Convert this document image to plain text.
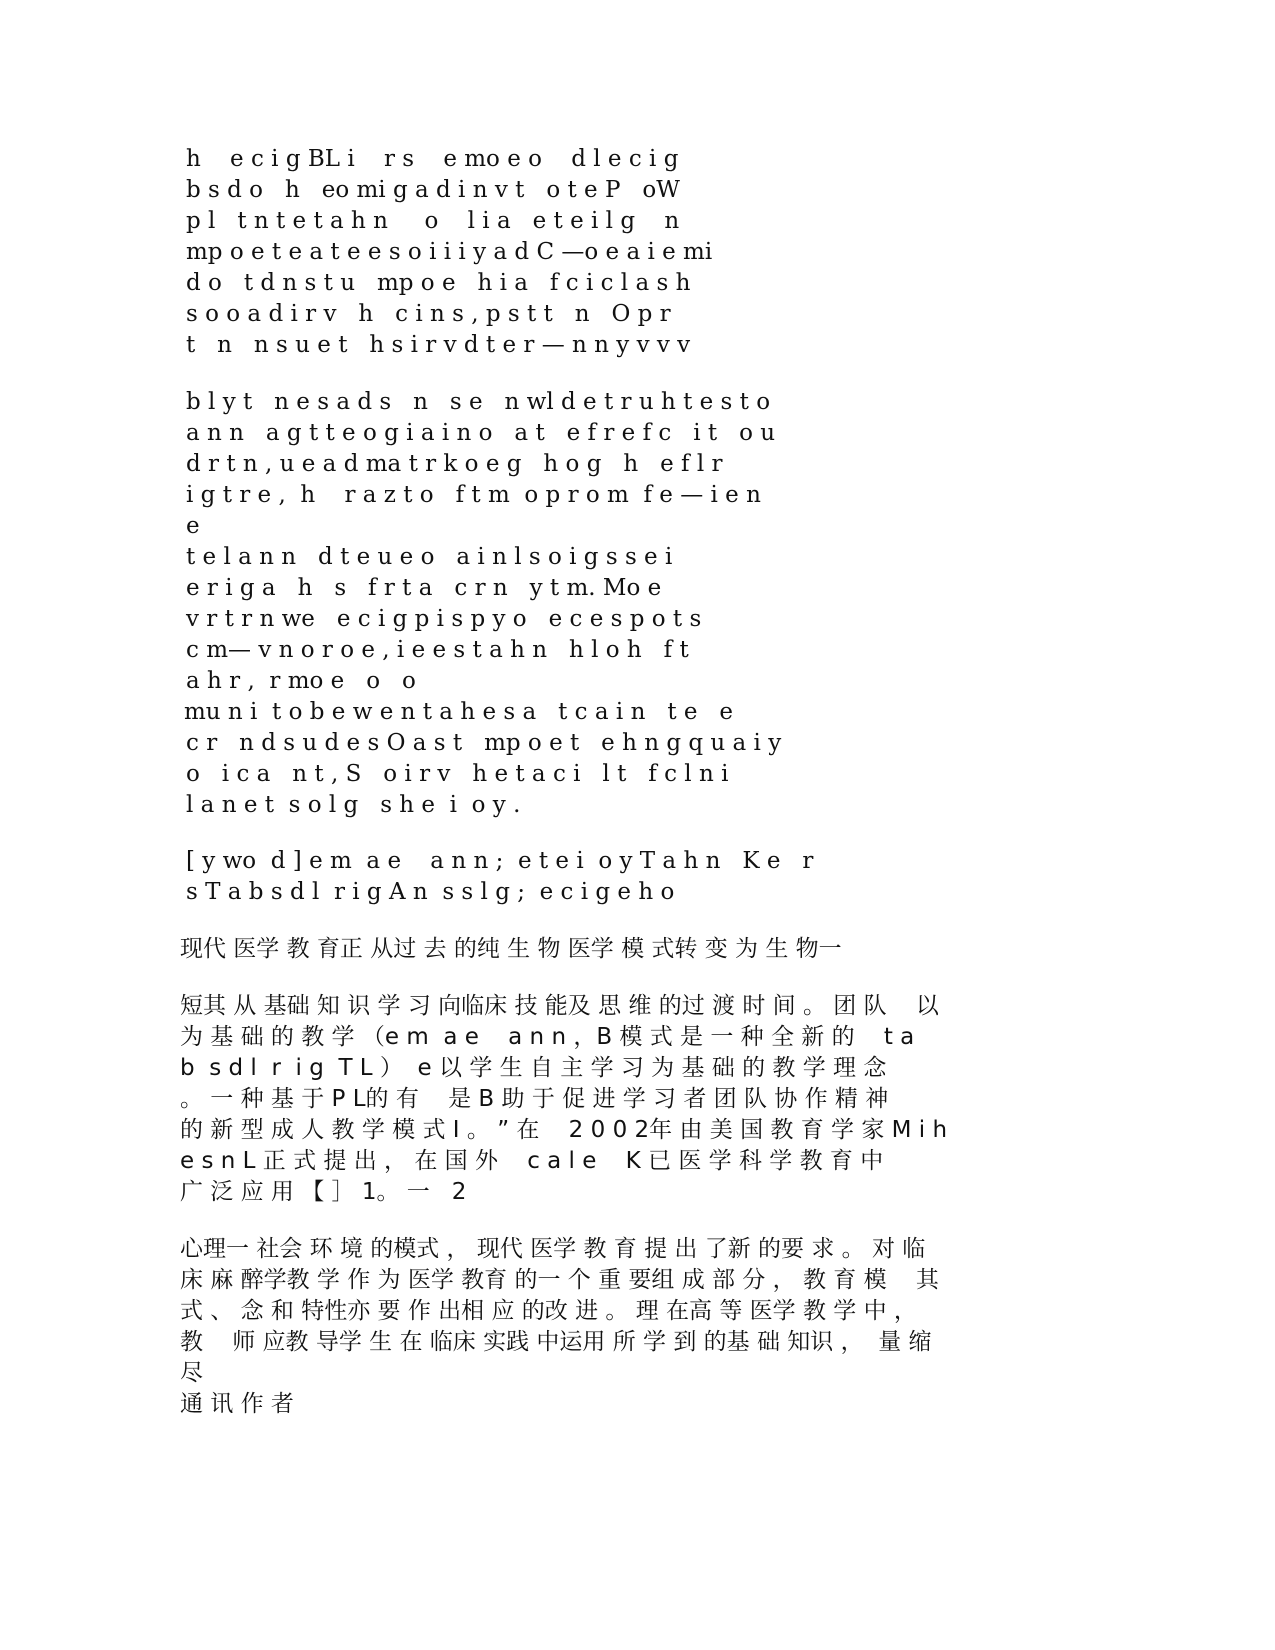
h    e c i g BL i    r s    e mo e o    d l e c i g
b s d o   h   eo mi g a d i n v t   o t e P   oW
p l   t n t e t a h n     o    l i a   e t e i l g    n
mp o e t e a t e e s o i i i y a d C —o e a i e mi
d o   t d n s t u   mp o e   h i a   f c i c l a s h
s o o a d i r v   h   c i n s , p s t t   n   O p r
t   n   n s u e t   h s i r v d t e r — n n y v v v
b l y t   n e s a d s   n   s e   n wl d e t r u h t e s t o
a n n   a g t t e o g i a i n o   a t   e f r e f c   i t   o u
d r t n , u e a d ma t r k o e g   h o g   h   e f l r
i g t r e ,  h    r a z t o   f t m  o p r o m  f e — i e n
e
t e l a n n   d t e u e o   a i n l s o i g s s e i
e r i g a   h   s   f r t a   c r n   y t m. Mo e
v r t r n we   e c i g p i s p y o   e c e s p o t s
c m— v n o r o e , i e e s t a h n   h l o h   f t
a h r ,  r mo e   o   o
mu n i  t o b e w e n t a h e s a   t c a i n   t e   e
c r   n d s u d e s O a s t   mp o e t   e h n g q u a i y
o   i c a   n t , S   o i r v   h e t a c i   l t   f c l n i
l a n e t  s o l g   s h e  i  o y .
[ y wo  d ] e m  a e    a n n ;  e t e i  o y T a h n   K e   r
s T a b s d l  r i g A n  s s l g ;  e c i g e h o
现代 医学 教 育正 从过 去 的纯 生 物 医学 模 式转 变 为 生 物一
短其 从 基础 知 识 学 习 向临床 技 能及 思 维 的过 渡 时 间 。 团 队    以
为 基 础 的 教 学 （e m  a e    a n n ，B 模 式 是 一 种 全 新 的    t a
b  s d l  r  i g  T L ）  e 以 学 生 自 主 学 习 为 基 础 的 教 学 理 念
。 一 种 基 于 P L的 有    是 B 助 于 促 进 学 习 者 团 队 协 作 精 神
的 新 型 成 人 教 学 模 式 I 。 ” 在    2 0 0 2年 由 美 国 教 育 学 家 M i h
e s n L 正 式 提 出 ， 在 国 外    c a l e    K 已 医 学 科 学 教 育 中
广 泛 应 用 【 ］ 1。 一   2
心理一 社会 环 境 的模式 ， 现代 医学 教 育 提 出 了新 的要 求 。 对 临
床 麻 醉学教 学 作 为 医学 教育 的一 个 重 要组 成 部 分 ， 教 育 模    其
式 、 念 和 特性亦 要 作 出相 应 的改 进 。 理 在高 等 医学 教 学 中 ，
教    师 应教 导学 生 在 临床 实践 中运用 所 学 到 的基 础 知识 ，  量 缩
尽
通 讯 作 者
